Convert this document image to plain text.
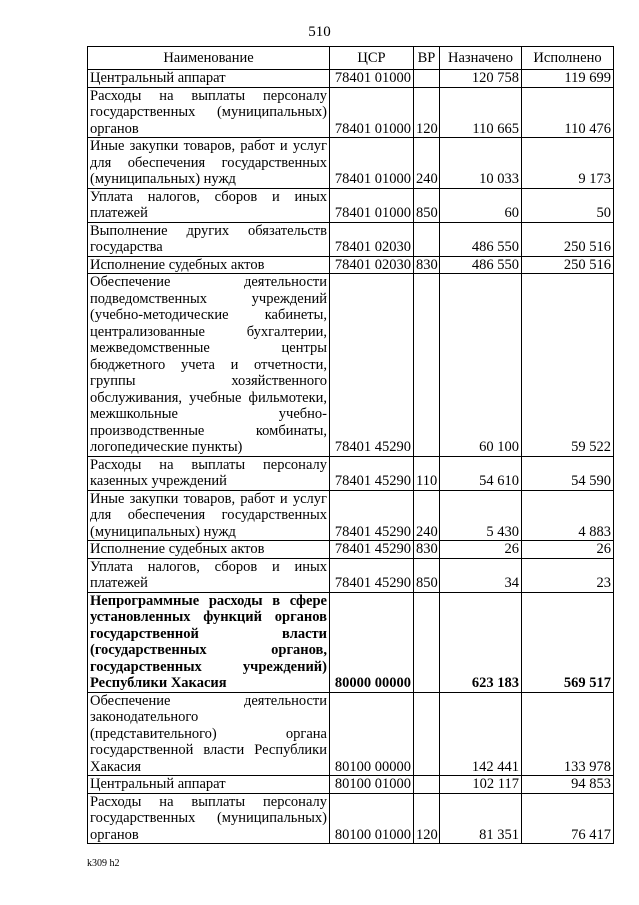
510
Наименование	ЦСР	ВР	Назначено	Исполнено
Центральный аппарат	78401 01000		120 758	119 699
Расходы на выплаты персоналу государственных (муниципальных) органов	78401 01000	120	110 665	110 476
Иные закупки товаров, работ и услуг для обеспечения государственных (муниципальных) нужд	78401 01000	240	10 033	9 173
Уплата налогов, сборов и иных платежей	78401 01000	850	60	50
Выполнение других обязательств государства	78401 02030		486 550	250 516
Исполнение судебных актов	78401 02030	830	486 550	250 516
Обеспечение деятельности подведомственных учреждений (учебно-методические кабинеты, централизованные бухгалтерии, межведомственные центры бюджетного учета и отчетности, группы хозяйственного обслуживания, учебные фильмотеки, межшкольные учебно-производственные комбинаты, логопедические пункты)	78401 45290		60 100	59 522
Расходы на выплаты персоналу казенных учреждений	78401 45290	110	54 610	54 590
Иные закупки товаров, работ и услуг для обеспечения государственных (муниципальных) нужд	78401 45290	240	5 430	4 883
Исполнение судебных актов	78401 45290	830	26	26
Уплата налогов, сборов и иных платежей	78401 45290	850	34	23
Непрограммные расходы в сфере установленных функций органов государственной власти (государственных органов, государственных учреждений) Республики Хакасия	80000 00000		623 183	569 517
Обеспечение деятельности законодательного (представительного) органа государственной власти Республики Хакасия	80100 00000		142 441	133 978
Центральный аппарат	80100 01000		102 117	94 853
Расходы на выплаты персоналу государственных (муниципальных) органов	80100 01000	120	81 351	76 417
k309 h2
